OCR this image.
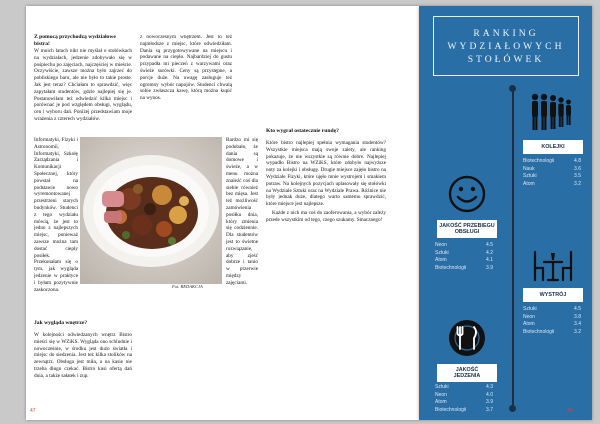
Z pomocą przychodzą wydziałowe bistra!

W moich latach nikt nie myślał o stołówkach na wydziałach, jedzenie zdobywało się w pośpiechu po zajęciach, najczęściej w mieście. Oczywiście, zawsze można było zajrzeć do pobliskiego baru, ale nie było to takie proste. Jak jest teraz? Chciałam to sprawdzić, więc zapytałam studentów, gdzie najlepiej się je. Postanowiłam też odwiedzić kilka miejsc i porównać je pod względem obsługi, wyglądu, cen i wyboru dań. Poniżej przedstawiam moje wrażenia z czterech wydziałów.

Informatyki, Fizyki i Astronomii, Informatyki, Szkołę Zarządzania i Komunikacji Społecznej, który powstał na podstawie nowo wyremontowanej przestrzeni starych budynków. Studenci z tego wydziału mówią, że jest to jedno z najlepszych miejsc, ponieważ zawsze można tam dostać ciepły posiłek. Przekonałam się o tym, jak wygląda jedzenie w praktyce i byłam pozytywnie zaskoczona.

Jak wygląda wnętrze?

W kolejności odwiedzanych wnętrz Bistro mieści się w WZiKS. Wygląda ono schludnie i nowocześnie, w środku jest dużo światła i miejsc do siedzenia. Jest też kilka stolików na zewnątrz. Obsługa jest miła, a na kasie nie trzeba długo czekać. Bistro kusi ofertą dań dnia, a także sałatek i zup.

z nowoczesnym wnętrzem. Jest to też najmłodsze z miejsc, które odwiedziłam. Dania są przygotowywane na miejscu i podawane na ciepło. Najbardziej do gustu przypadła mi pieczeń z warzywami oraz świeże surówki. Ceny są przystępne, a porcje duże. Na uwagę zasługuje też ogromny wybór napojów. Studenci chwalą sobie zwłaszcza kawę, którą można kupić na wynos.

Bardzo mi się podobało, że dania są domowe i świeże, a w menu można znaleźć coś dla siebie również bez mięsa. Jest też możliwość zamówienia posiłku dnia, który zmienia się codziennie. Dla studentów jest to świetne rozwiązanie, aby zjeść dobrze i tanio w przerwie między zajęciami.

Fot. REDAKCJA
Kto wygrał ostatecznie rundę?

Które bistro najlepiej spełnia wymagania studentów? Wszystkie miejsca mają swoje zalety, ale ranking pokazuje, że nie wszystkie są równie dobre. Najlepiej wypadło Bistro na WZiKS, które zdobyło najwyższe noty za kolejki i obsługę. Drugie miejsce zajęło bistro na Wydziale Fizyki, które ujęło mnie wystrojem i smakiem potraw. Na kolejnych pozycjach uplasowały się stołówki na Wydziale Sztuki oraz na Wydziale Prawa. Różnice nie były jednak duże, dlatego warto samemu sprawdzić, które miejsce jest najlepsze.

Każde z nich ma coś do zaoferowania, a wybór zależy przede wszystkim od tego, czego szukamy. Smacznego!

47
RANKING
WYDZIAŁOWYCH
STOŁÓWEK
KOLEJKI
Biotechnologii	4.8
Nauk	3.6
Sztuki	3.5
Atom	3.2
JAKOŚĆ PRZEBIEGU
OBSŁUGI
Neon	4.5
Sztuki	4.2
Atom	4.1
Biotechnologii	3.9
WYSTRÓJ
Sztuki	4.5
Neon	3.8
Atom	3.4
Biotechnologii	3.2
JAKOŚĆ
JEDZENIA
Sztuki	4.3
Neon	4.0
Atom	3.9
Biotechnologii	3.7	48
